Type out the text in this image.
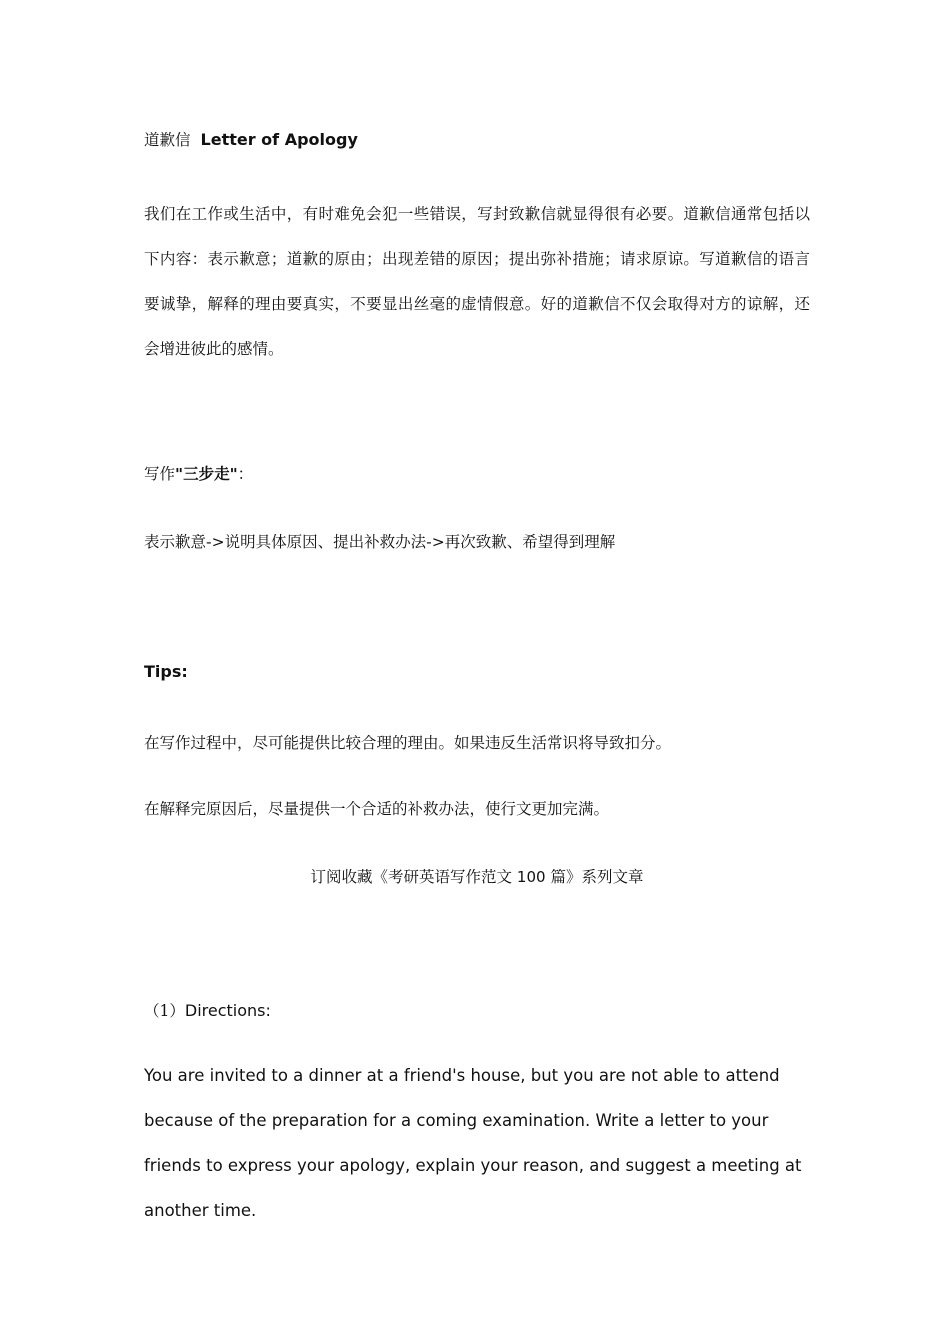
道歉信 Letter of Apology
我们在工作或生活中，有时难免会犯一些错误，写封致歉信就显得很有必要。道歉信通常包括以下内容：表示歉意；道歉的原由；出现差错的原因；提出弥补措施；请求原谅。写道歉信的语言要诚挚，解释的理由要真实，不要显出丝毫的虚情假意。好的道歉信不仅会取得对方的谅解，还会增进彼此的感情。
写作"三步走"：
表示歉意->说明具体原因、提出补救办法->再次致歉、希望得到理解
Tips:
在写作过程中，尽可能提供比较合理的理由。如果违反生活常识将导致扣分。
在解释完原因后，尽量提供一个合适的补救办法，使行文更加完满。
订阅收藏《考研英语写作范文 100 篇》系列文章
（1）Directions:
You are invited to a dinner at a friend's house, but you are not able to attend because of the preparation for a coming examination. Write a letter to your friends to express your apology, explain your reason, and suggest a meeting at another time.
